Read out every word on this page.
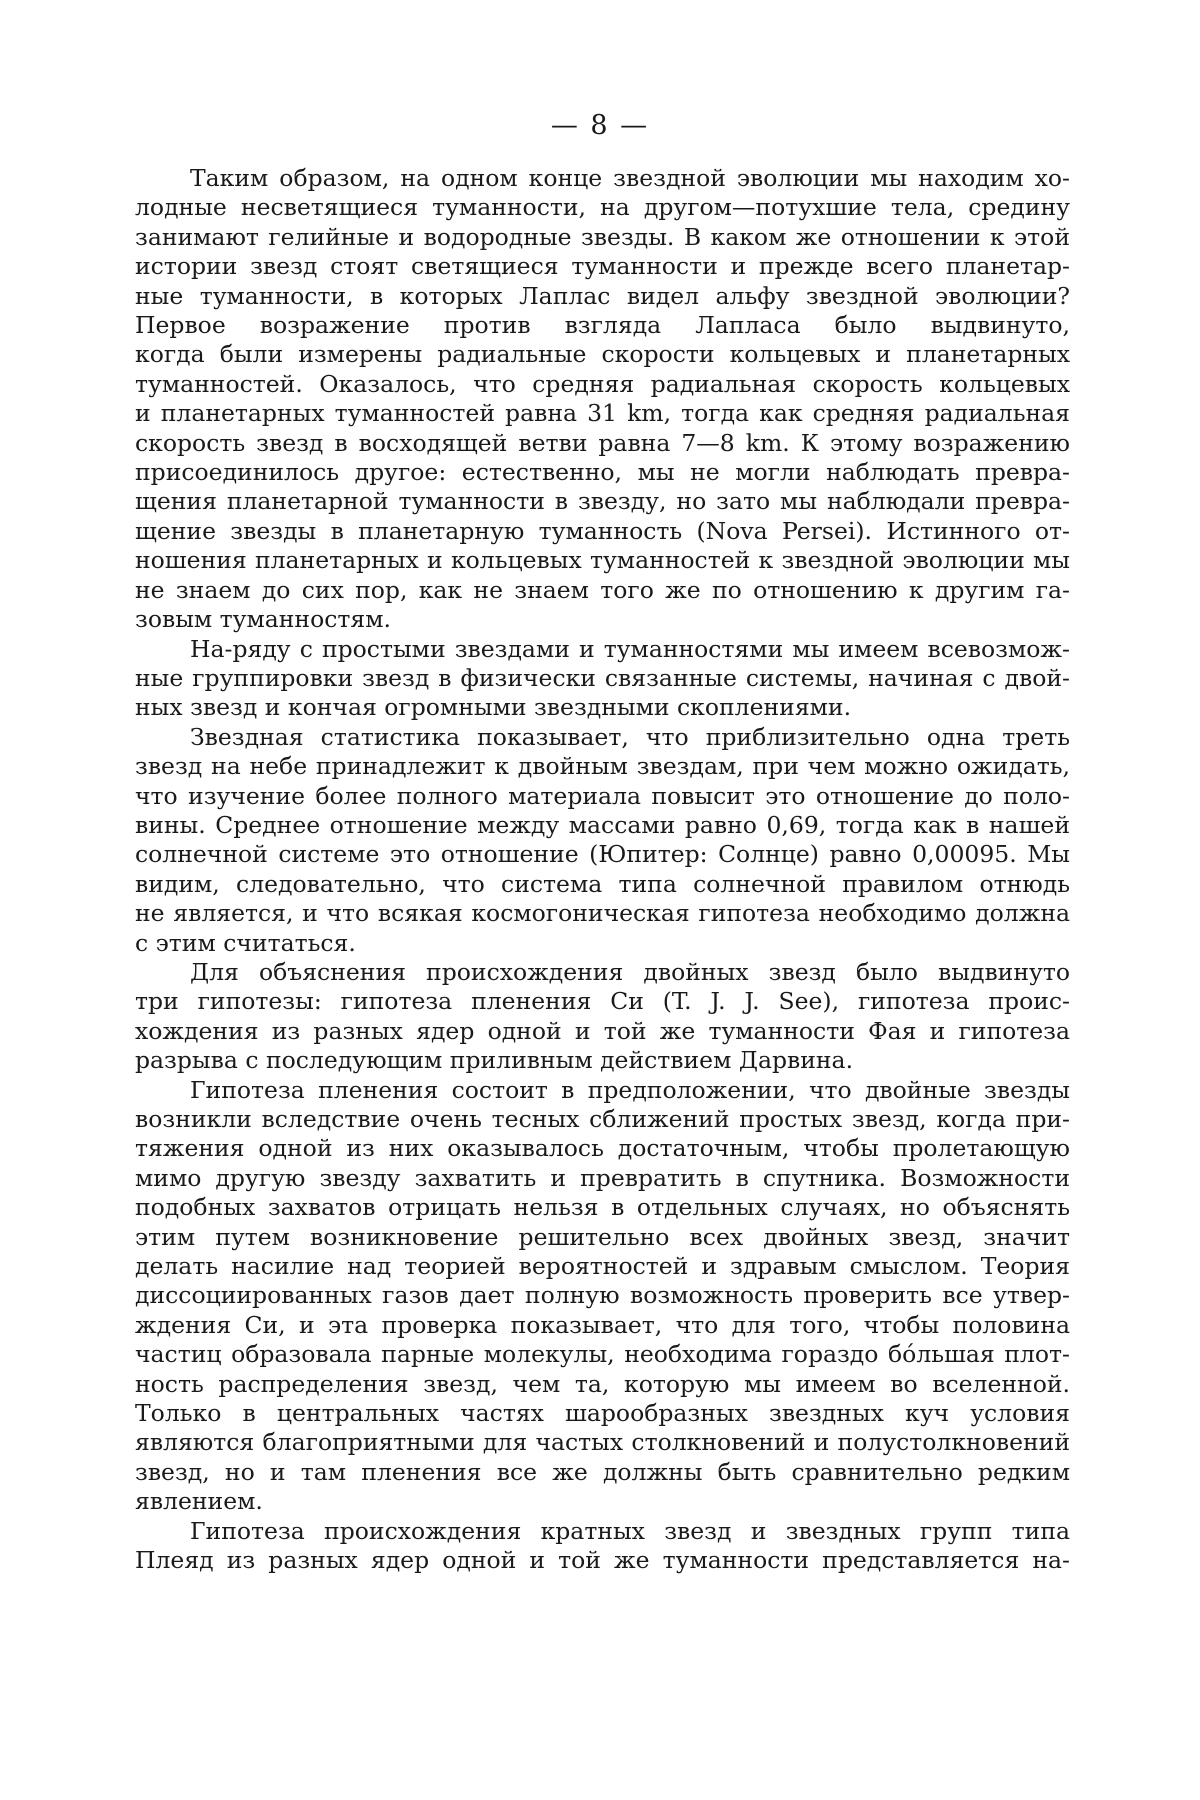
— 8 —
Таким образом, на одном конце звездной эволюции мы находим хо-
лодные несветящиеся туманности, на другом—потухшие тела, средину
занимают гелийные и водородные звезды. В каком же отношении к этой
истории звезд стоят светящиеся туманности и прежде всего планетар-
ные туманности, в которых Лаплас видел альфу звездной эволюции?
Первое возражение против взгляда Лапласа было выдвинуто,
когда были измерены радиальные скорости кольцевых и планетарных
туманностей. Оказалось, что средняя радиальная скорость кольцевых
и планетарных туманностей равна 31 km, тогда как средняя радиальная
скорость звезд в восходящей ветви равна 7—8 km. К этому возражению
присоединилось другое: естественно, мы не могли наблюдать превра-
щения планетарной туманности в звезду, но зато мы наблюдали превра-
щение звезды в планетарную туманность (Nova Persei). Истинного от-
ношения планетарных и кольцевых туманностей к звездной эволюции мы
не знаем до сих пор, как не знаем того же по отношению к другим га-
зовым туманностям.
На-ряду с простыми звездами и туманностями мы имеем всевозмож-
ные группировки звезд в физически связанные системы, начиная с двой-
ных звезд и кончая огромными звездными скоплениями.
Звездная статистика показывает, что приблизительно одна треть
звезд на небе принадлежит к двойным звездам, при чем можно ожидать,
что изучение более полного материала повысит это отношение до поло-
вины. Среднее отношение между массами равно 0,69, тогда как в нашей
солнечной системе это отношение (Юпитер: Солнце) равно 0,00095. Мы
видим, следовательно, что система типа солнечной правилом отнюдь
не является, и что всякая космогоническая гипотеза необходимо должна
с этим считаться.
Для объяснения происхождения двойных звезд было выдвинуто
три гипотезы: гипотеза пленения Си (T. J. J. See), гипотеза проис-
хождения из разных ядер одной и той же туманности Фая и гипотеза
разрыва с последующим приливным действием Дарвина.
Гипотеза пленения состоит в предположении, что двойные звезды
возникли вследствие очень тесных сближений простых звезд, когда при-
тяжения одной из них оказывалось достаточным, чтобы пролетающую
мимо другую звезду захватить и превратить в спутника. Возможности
подобных захватов отрицать нельзя в отдельных случаях, но объяснять
этим путем возникновение решительно всех двойных звезд, значит
делать насилие над теорией вероятностей и здравым смыслом. Теория
диссоциированных газов дает полную возможность проверить все утвер-
ждения Си, и эта проверка показывает, что для того, чтобы половина
частиц образовала парные молекулы, необходима гораздо бо́льшая плот-
ность распределения звезд, чем та, которую мы имеем во вселенной.
Только в центральных частях шарообразных звездных куч условия
являются благоприятными для частых столкновений и полустолкновений
звезд, но и там пленения все же должны быть сравнительно редким
явлением.
Гипотеза происхождения кратных звезд и звездных групп типа
Плеяд из разных ядер одной и той же туманности представляется на-
